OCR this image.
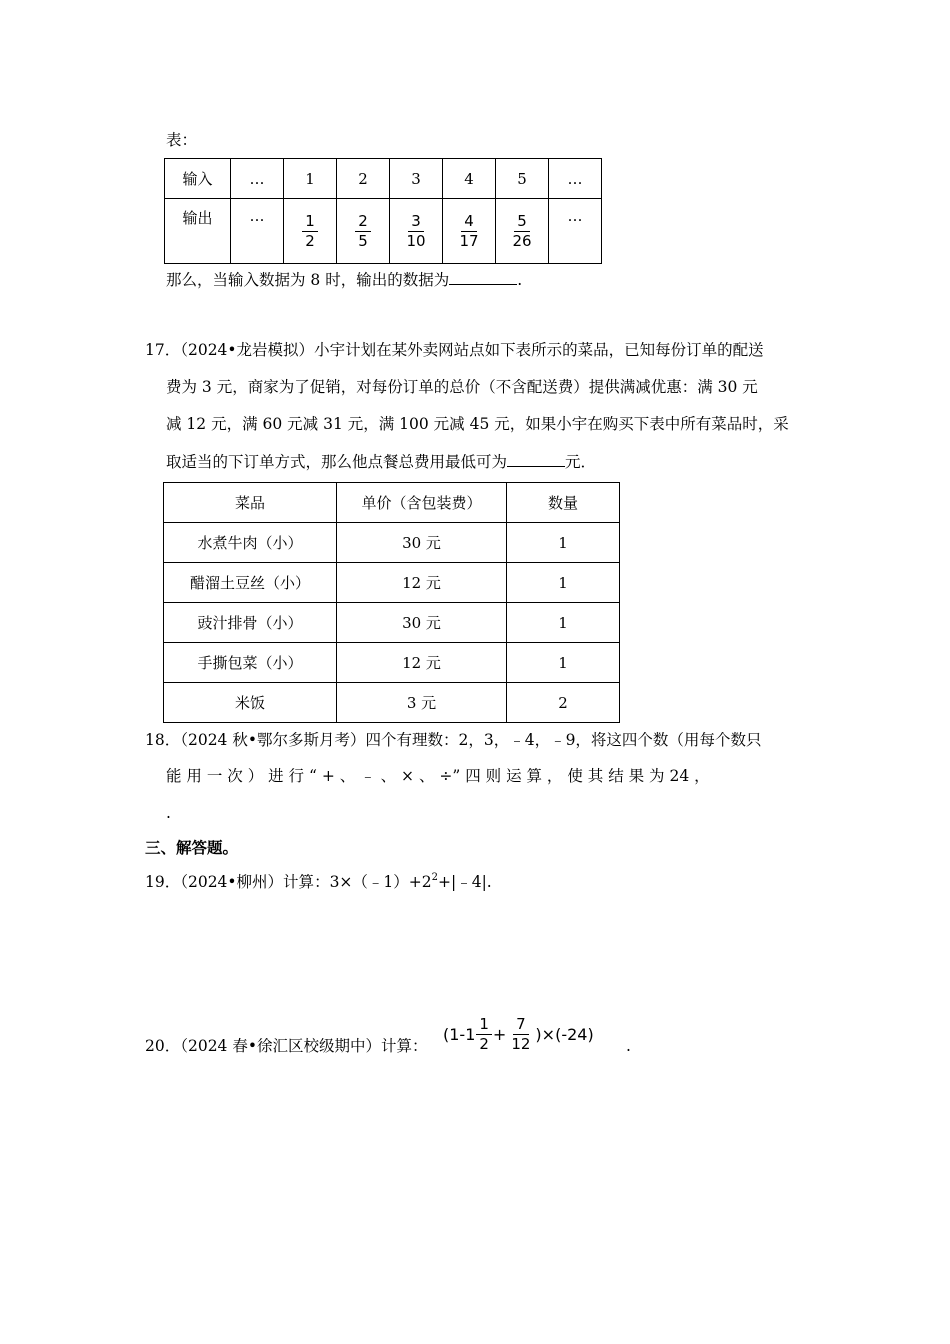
表：
输入	…	1	2	3	4	5	…
输出	…	$\frac{1}{2}$	$\frac{2}{5}$	$\frac{3}{10}$	$\frac{4}{17}$	$\frac{5}{26}$	…
那么，当输入数据为 8 时，输出的数据为	.
17．（2024•龙岩模拟）小宇计划在某外卖网站点如下表所示的菜品，已知每份订单的配送
费为 3 元，商家为了促销，对每份订单的总价（不含配送费）提供满减优惠：满 30 元
减 12 元，满 60 元减 31 元，满 100 元减 45 元，如果小宇在购买下表中所有菜品时，采
取适当的下订单方式，那么他点餐总费用最低可为	元．
菜品	单价（含包装费）	数量
水煮牛肉（小）	30 元	1
醋溜土豆丝（小）	12 元	1
豉汁排骨（小）	30 元	1
手撕包菜（小）	12 元	1
米饭	3 元	2
18．（2024 秋•鄂尔多斯月考）四个有理数：2，3，﹣4，﹣9，将这四个数（用每个数只
能 用 一 次 ） 进 行 “ + 、 ﹣ 、 × 、 ÷” 四 则 运 算 ， 使 其 结 果 为 24 ，
.
三、解答题。
19．（2024•柳州）计算：$3\times(﹣1)+2^2+|﹣4|$.
20．（2024 春•徐汇区校级期中）计算：
$(1-1 \frac{1}{2} + \frac{7}{12} )\times(-24)$
.
